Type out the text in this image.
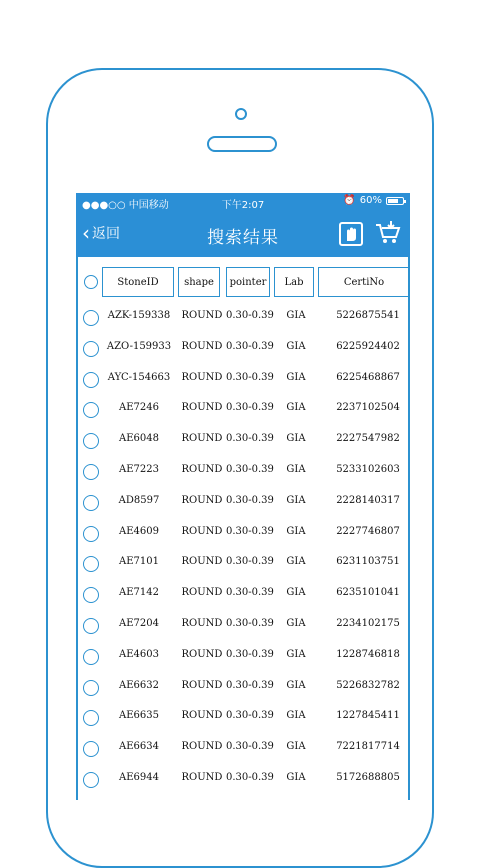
●●●○○ 中国移动	下午2:07	⏰ 60%
‹ 返回	搜索结果
StoneID	shape	pointer	Lab	CertiNo
AZK-159338	ROUND 0.30-0.39	GIA	5226875541
AZO-159933	ROUND 0.30-0.39	GIA	6225924402
AYC-154663	ROUND 0.30-0.39	GIA	6225468867
AE7246	ROUND 0.30-0.39	GIA	2237102504
AE6048	ROUND 0.30-0.39	GIA	2227547982
AE7223	ROUND 0.30-0.39	GIA	5233102603
AD8597	ROUND 0.30-0.39	GIA	2228140317
AE4609	ROUND 0.30-0.39	GIA	2227746807
AE7101	ROUND 0.30-0.39	GIA	6231103751
AE7142	ROUND 0.30-0.39	GIA	6235101041
AE7204	ROUND 0.30-0.39	GIA	2234102175
AE4603	ROUND 0.30-0.39	GIA	1228746818
AE6632	ROUND 0.30-0.39	GIA	5226832782
AE6635	ROUND 0.30-0.39	GIA	1227845411
AE6634	ROUND 0.30-0.39	GIA	7221817714
AE6944	ROUND 0.30-0.39	GIA	5172688805
